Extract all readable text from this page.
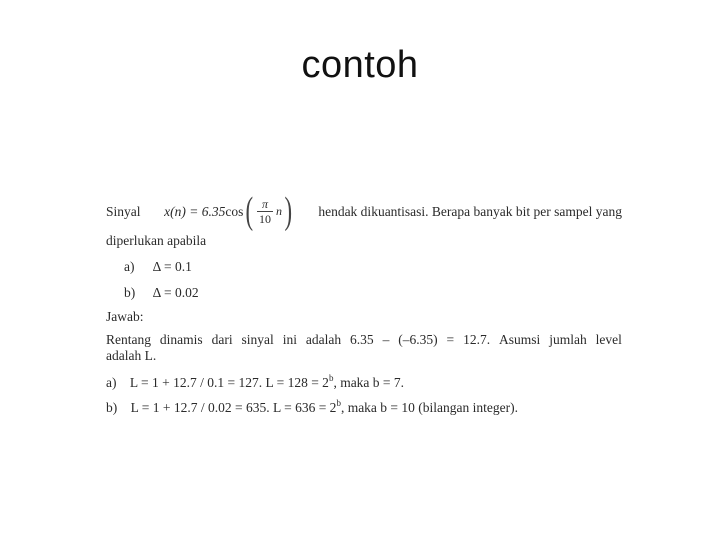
contoh
Sinyal x(n) = 6.35 cos ( $\frac{\pi}{10}$ n ) hendak dikuantisasi. Berapa banyak bit per sampel yang
diperlukan apabila
a) Δ = 0.1
b) Δ = 0.02
Jawab:
Rentang dinamis dari sinyal ini adalah 6.35 – (–6.35) = 12.7. Asumsi jumlah level
adalah L.
a) L = 1 + 12.7 / 0.1 = 127. $L = 128 = 2^b$, maka b = 7.
b) L = 1 + 12.7 / 0.02 = 635. $L = 636 = 2^b$, maka b = 10 (bilangan integer).
